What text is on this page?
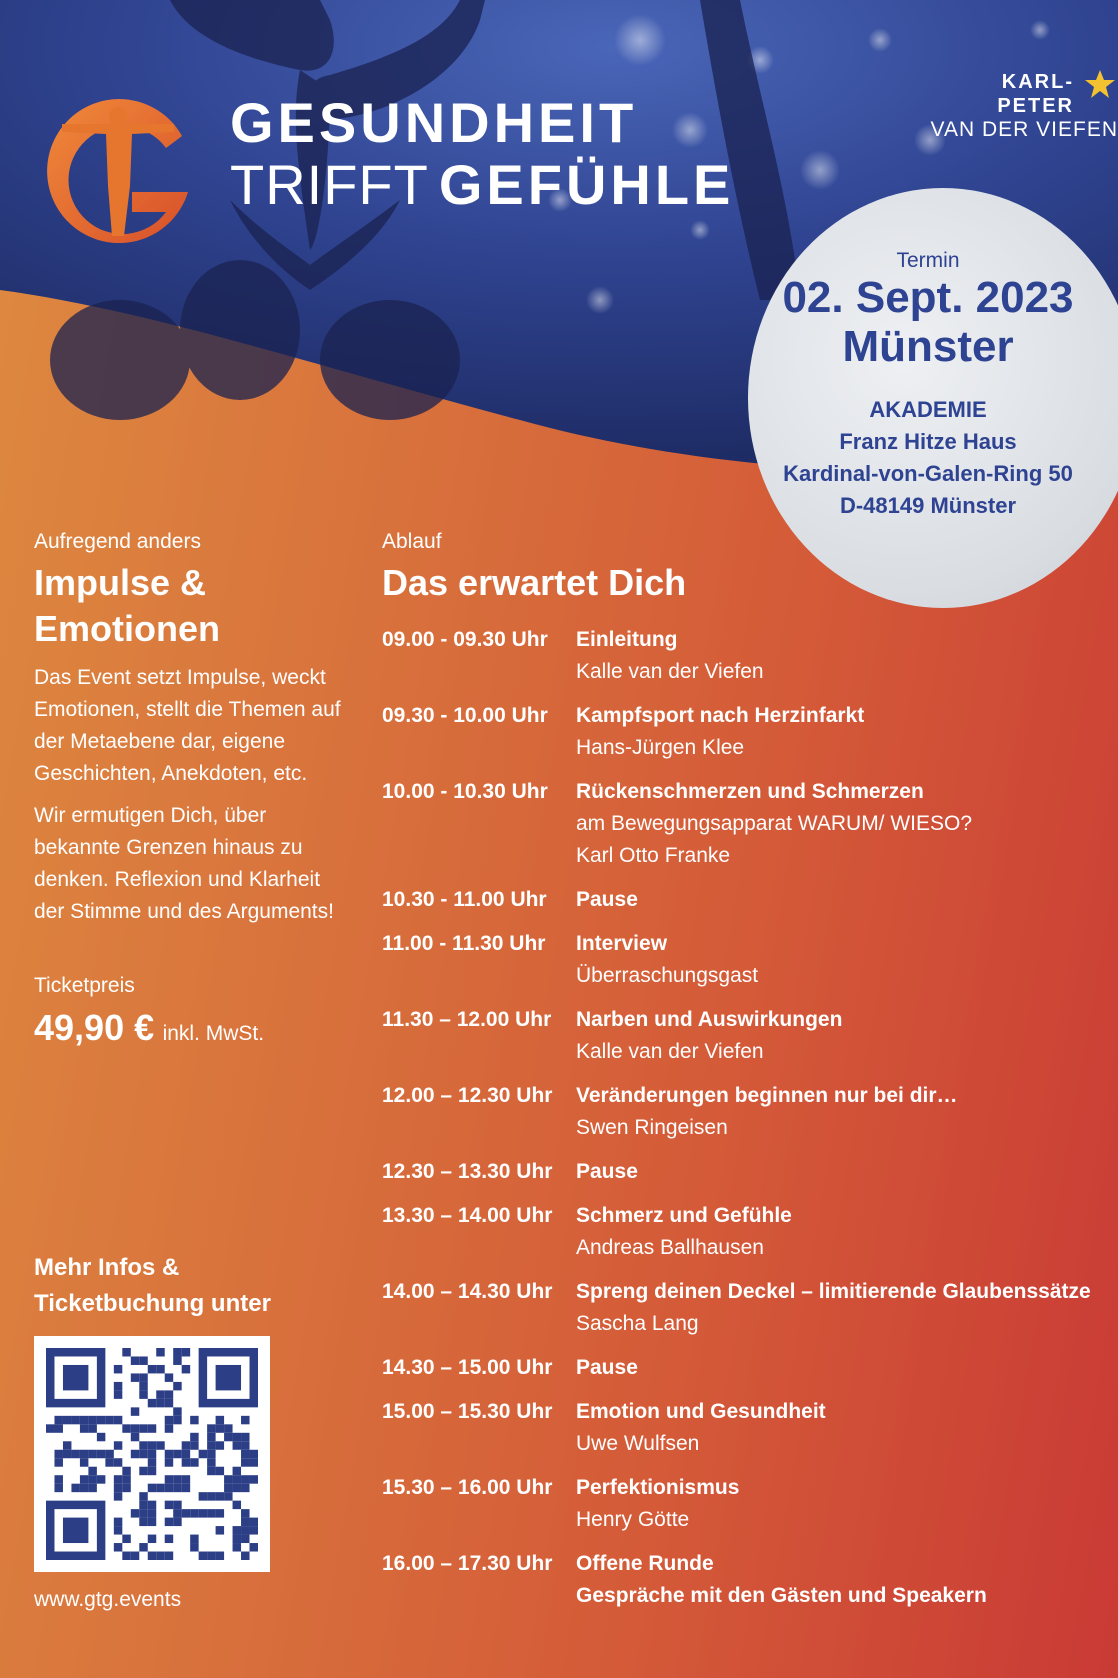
GESUNDHEIT
TRIFFT GEFÜHLE
KARL-PETER
VAN DER VIEFEN
Termin
02. Sept. 2023
Münster
AKADEMIE
Franz Hitze Haus
Kardinal-von-Galen-Ring 50
D-48149 Münster
Aufregend anders
Impulse &
Emotionen

Das Event setzt Impulse, weckt Emotionen, stellt die Themen auf der Metaebene dar, eigene Geschichten, Anekdoten, etc.

Wir ermutigen Dich, über bekannte Grenzen hinaus zu denken. Reflexion und Klarheit der Stimme und des Arguments!

Ticketpreis
49,90 € inkl. MwSt.
Mehr Infos &
Ticketbuchung unter
www.gtg.events
Ablauf
Das erwartet Dich
09.00 - 09.30 Uhr	Einleitung
Kalle van der Viefen
09.30 - 10.00 Uhr	Kampfsport nach Herzinfarkt
Hans-Jürgen Klee
10.00 - 10.30 Uhr	Rückenschmerzen und Schmerzen
am Bewegungsapparat WARUM/ WIESO?
Karl Otto Franke
10.30 - 11.00 Uhr	Pause
11.00 - 11.30 Uhr	Interview
Überraschungsgast
11.30 – 12.00 Uhr	Narben und Auswirkungen
Kalle van der Viefen
12.00 – 12.30 Uhr	Veränderungen beginnen nur bei dir…
Swen Ringeisen
12.30 – 13.30 Uhr	Pause
13.30 – 14.00 Uhr	Schmerz und Gefühle
Andreas Ballhausen
14.00 – 14.30 Uhr	Spreng deinen Deckel – limitierende Glaubenssätze
Sascha Lang
14.30 – 15.00 Uhr	Pause
15.00 – 15.30 Uhr	Emotion und Gesundheit
Uwe Wulfsen
15.30 – 16.00 Uhr	Perfektionismus
Henry Götte
16.00 – 17.30 Uhr	Offene Runde
Gespräche mit den Gästen und Speakern
